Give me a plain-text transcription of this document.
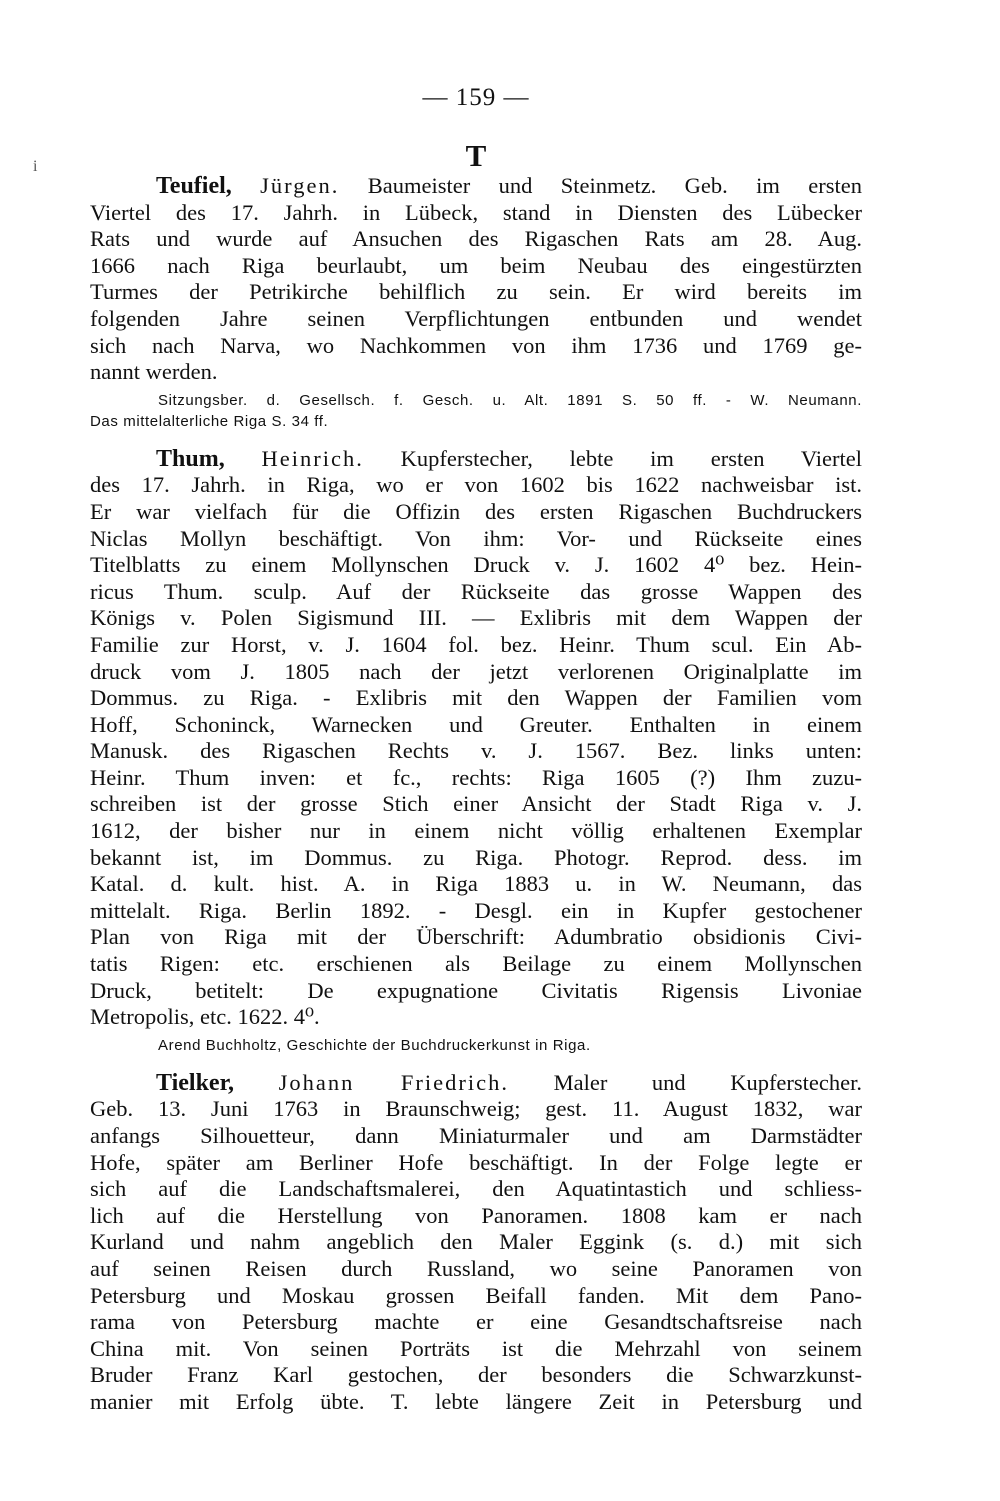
i
— 159 —
T
Teufiel, Jürgen. Baumeister und Steinmetz. Geb. im ersten
Viertel des 17. Jahrh. in Lübeck, stand in Diensten des Lübecker
Rats und wurde auf Ansuchen des Rigaschen Rats am 28. Aug.
1666 nach Riga beurlaubt, um beim Neubau des eingestürzten
Turmes der Petrikirche behilflich zu sein. Er wird bereits im
folgenden Jahre seinen Verpflichtungen entbunden und wendet
sich nach Narva, wo Nachkommen von ihm 1736 und 1769 ge-
nannt werden.
Sitzungsber. d. Gesellsch. f. Gesch. u. Alt. 1891 S. 50 ff. - W. Neumann.
Das mittelalterliche Riga S. 34 ff.
Thum, Heinrich. Kupferstecher, lebte im ersten Viertel
des 17. Jahrh. in Riga, wo er von 1602 bis 1622 nachweisbar ist.
Er war vielfach für die Offizin des ersten Rigaschen Buchdruckers
Niclas Mollyn beschäftigt. Von ihm: Vor- und Rückseite eines
Titelblatts zu einem Mollynschen Druck v. J. 1602 4⁰ bez. Hein-
ricus Thum. sculp. Auf der Rückseite das grosse Wappen des
Königs v. Polen Sigismund III. — Exlibris mit dem Wappen der
Familie zur Horst, v. J. 1604 fol. bez. Heinr. Thum scul. Ein Ab-
druck vom J. 1805 nach der jetzt verlorenen Originalplatte im
Dommus. zu Riga. - Exlibris mit den Wappen der Familien vom
Hoff, Schoninck, Warnecken und Greuter. Enthalten in einem
Manusk. des Rigaschen Rechts v. J. 1567. Bez. links unten:
Heinr. Thum inven: et fc., rechts: Riga 1605 (?) Ihm zuzu-
schreiben ist der grosse Stich einer Ansicht der Stadt Riga v. J.
1612, der bisher nur in einem nicht völlig erhaltenen Exemplar
bekannt ist, im Dommus. zu Riga. Photogr. Reprod. dess. im
Katal. d. kult. hist. A. in Riga 1883 u. in W. Neumann, das
mittelalt. Riga. Berlin 1892. - Desgl. ein in Kupfer gestochener
Plan von Riga mit der Überschrift: Adumbratio obsidionis Civi-
tatis Rigen: etc. erschienen als Beilage zu einem Mollynschen
Druck, betitelt: De expugnatione Civitatis Rigensis Livoniae
Metropolis, etc. 1622. 4⁰.
Arend Buchholtz, Geschichte der Buchdruckerkunst in Riga.
Tielker, Johann Friedrich. Maler und Kupferstecher.
Geb. 13. Juni 1763 in Braunschweig; gest. 11. August 1832, war
anfangs Silhouetteur, dann Miniaturmaler und am Darmstädter
Hofe, später am Berliner Hofe beschäftigt. In der Folge legte er
sich auf die Landschaftsmalerei, den Aquatintastich und schliess-
lich auf die Herstellung von Panoramen. 1808 kam er nach
Kurland und nahm angeblich den Maler Eggink (s. d.) mit sich
auf seinen Reisen durch Russland, wo seine Panoramen von
Petersburg und Moskau grossen Beifall fanden. Mit dem Pano-
rama von Petersburg machte er eine Gesandtschaftsreise nach
China mit. Von seinen Porträts ist die Mehrzahl von seinem
Bruder Franz Karl gestochen, der besonders die Schwarzkunst-
manier mit Erfolg übte. T. lebte längere Zeit in Petersburg und
